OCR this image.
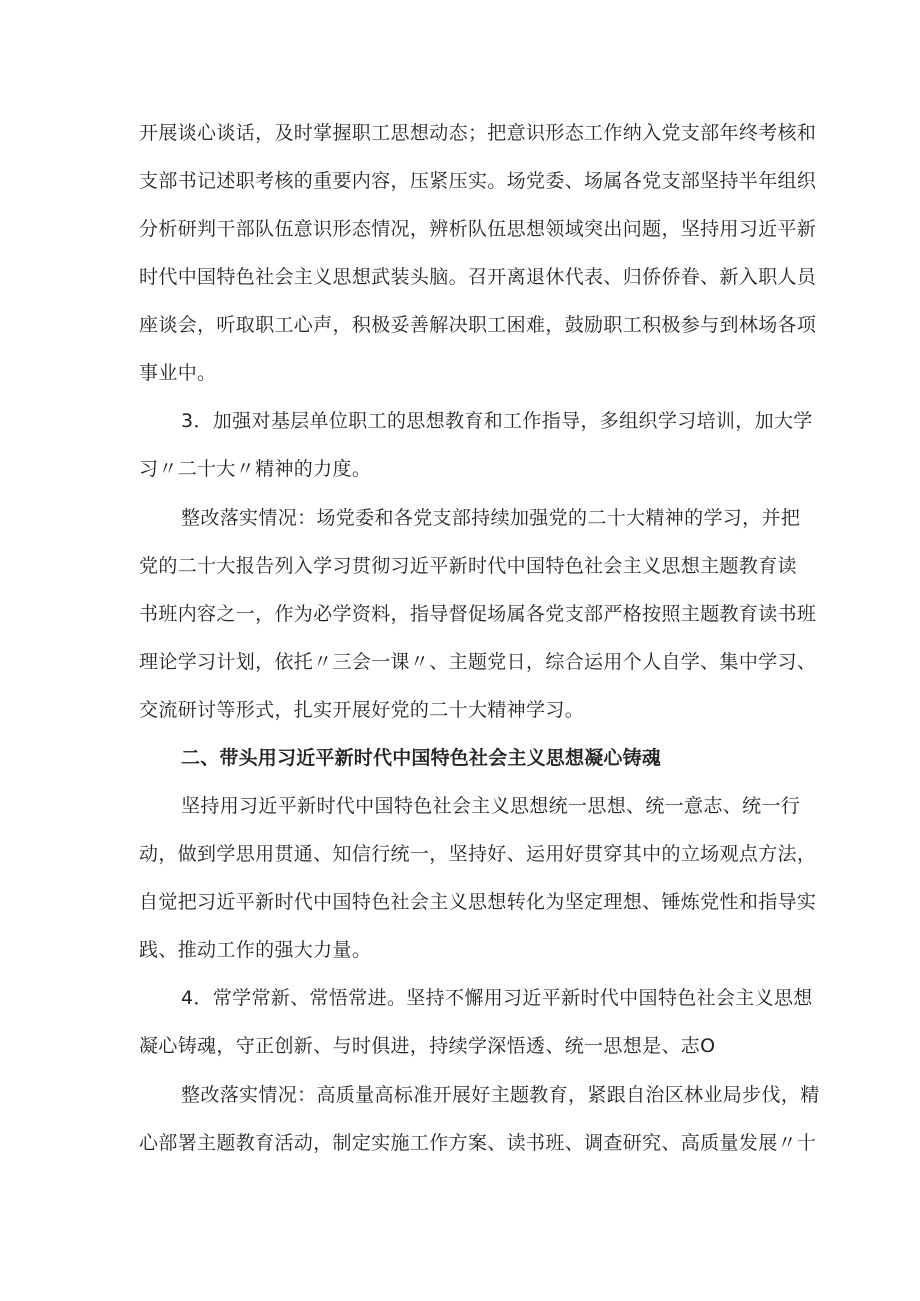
开展谈心谈话，及时掌握职工思想动态；把意识形态工作纳入党支部年终考核和
支部书记述职考核的重要内容，压紧压实。场党委、场属各党支部坚持半年组织
分析研判干部队伍意识形态情况，辨析队伍思想领域突出问题，坚持用习近平新
时代中国特色社会主义思想武装头脑。召开离退休代表、归侨侨眷、新入职人员
座谈会，听取职工心声，积极妥善解决职工困难，鼓励职工积极参与到林场各项
事业中。
3．加强对基层单位职工的思想教育和工作指导，多组织学习培训，加大学
习〃二十大〃精神的力度。
整改落实情况：场党委和各党支部持续加强党的二十大精神的学习，并把
党的二十大报告列入学习贯彻习近平新时代中国特色社会主义思想主题教育读
书班内容之一，作为必学资料，指导督促场属各党支部严格按照主题教育读书班
理论学习计划，依托〃三会一课〃、主题党日，综合运用个人自学、集中学习、
交流研讨等形式，扎实开展好党的二十大精神学习。
二、带头用习近平新时代中国特色社会主义思想凝心铸魂
坚持用习近平新时代中国特色社会主义思想统一思想、统一意志、统一行
动，做到学思用贯通、知信行统一，坚持好、运用好贯穿其中的立场观点方法，
自觉把习近平新时代中国特色社会主义思想转化为坚定理想、锤炼党性和指导实
践、推动工作的强大力量。
4．常学常新、常悟常进。坚持不懈用习近平新时代中国特色社会主义思想
凝心铸魂，守正创新、与时俱进，持续学深悟透、统一思想是、志O
整改落实情况：高质量高标准开展好主题教育，紧跟自治区林业局步伐，精
心部署主题教育活动，制定实施工作方案、读书班、调查研究、高质量发展〃十
